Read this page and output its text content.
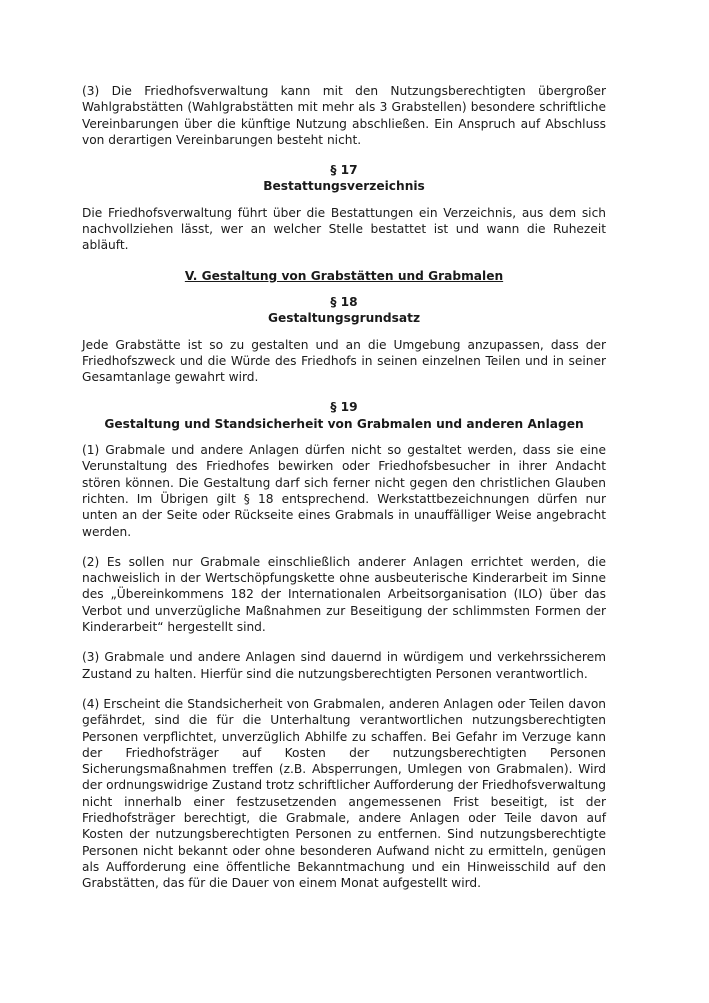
(3) Die Friedhofsverwaltung kann mit den Nutzungsberechtigten übergroßer Wahlgrabstätten (Wahlgrabstätten mit mehr als 3 Grabstellen) besondere schriftliche Vereinbarungen über die künftige Nutzung abschließen. Ein Anspruch auf Abschluss von derartigen Vereinbarungen besteht nicht.

§ 17

Bestattungsverzeichnis

Die Friedhofsverwaltung führt über die Bestattungen ein Verzeichnis, aus dem sich nachvollziehen lässt, wer an welcher Stelle bestattet ist und wann die Ruhezeit abläuft.

V. Gestaltung von Grabstätten und Grabmalen

§ 18

Gestaltungsgrundsatz

Jede Grabstätte ist so zu gestalten und an die Umgebung anzupassen, dass der Friedhofszweck und die Würde des Friedhofs in seinen einzelnen Teilen und in seiner Gesamtanlage gewahrt wird.

§ 19

Gestaltung und Standsicherheit von Grabmalen und anderen Anlagen

(1) Grabmale und andere Anlagen dürfen nicht so gestaltet werden, dass sie eine Verunstaltung des Friedhofes bewirken oder Friedhofsbesucher in ihrer Andacht stören können. Die Gestaltung darf sich ferner nicht gegen den christlichen Glauben richten. Im Übrigen gilt § 18 entsprechend. Werkstattbezeichnungen dürfen nur unten an der Seite oder Rückseite eines Grabmals in unauffälliger Weise angebracht werden.

(2) Es sollen nur Grabmale einschließlich anderer Anlagen errichtet werden, die nachweislich in der Wertschöpfungskette ohne ausbeuterische Kinderarbeit im Sinne des „Übereinkommens 182 der Internationalen Arbeitsorganisation (ILO) über das Verbot und unverzügliche Maßnahmen zur Beseitigung der schlimmsten Formen der Kinderarbeit“ hergestellt sind.

(3) Grabmale und andere Anlagen sind dauernd in würdigem und verkehrssicherem Zustand zu halten. Hierfür sind die nutzungsberechtigten Personen verantwortlich.

(4) Erscheint die Standsicherheit von Grabmalen, anderen Anlagen oder Teilen davon gefährdet, sind die für die Unterhaltung verantwortlichen nutzungsberechtigten Personen verpflichtet, unverzüglich Abhilfe zu schaffen. Bei Gefahr im Verzuge kann der Friedhofsträger auf Kosten der nutzungsberechtigten Personen Sicherungsmaßnahmen treffen (z.B. Absperrungen, Umlegen von Grabmalen). Wird der ordnungswidrige Zustand trotz schriftlicher Aufforderung der Friedhofsverwaltung nicht innerhalb einer festzusetzenden angemessenen Frist beseitigt, ist der Friedhofsträger berechtigt, die Grabmale, andere Anlagen oder Teile davon auf Kosten der nutzungsberechtigten Personen zu entfernen. Sind nutzungsberechtigte Personen nicht bekannt oder ohne besonderen Aufwand nicht zu ermitteln, genügen als Aufforderung eine öffentliche Bekanntmachung und ein Hinweisschild auf den Grabstätten, das für die Dauer von einem Monat aufgestellt wird.
